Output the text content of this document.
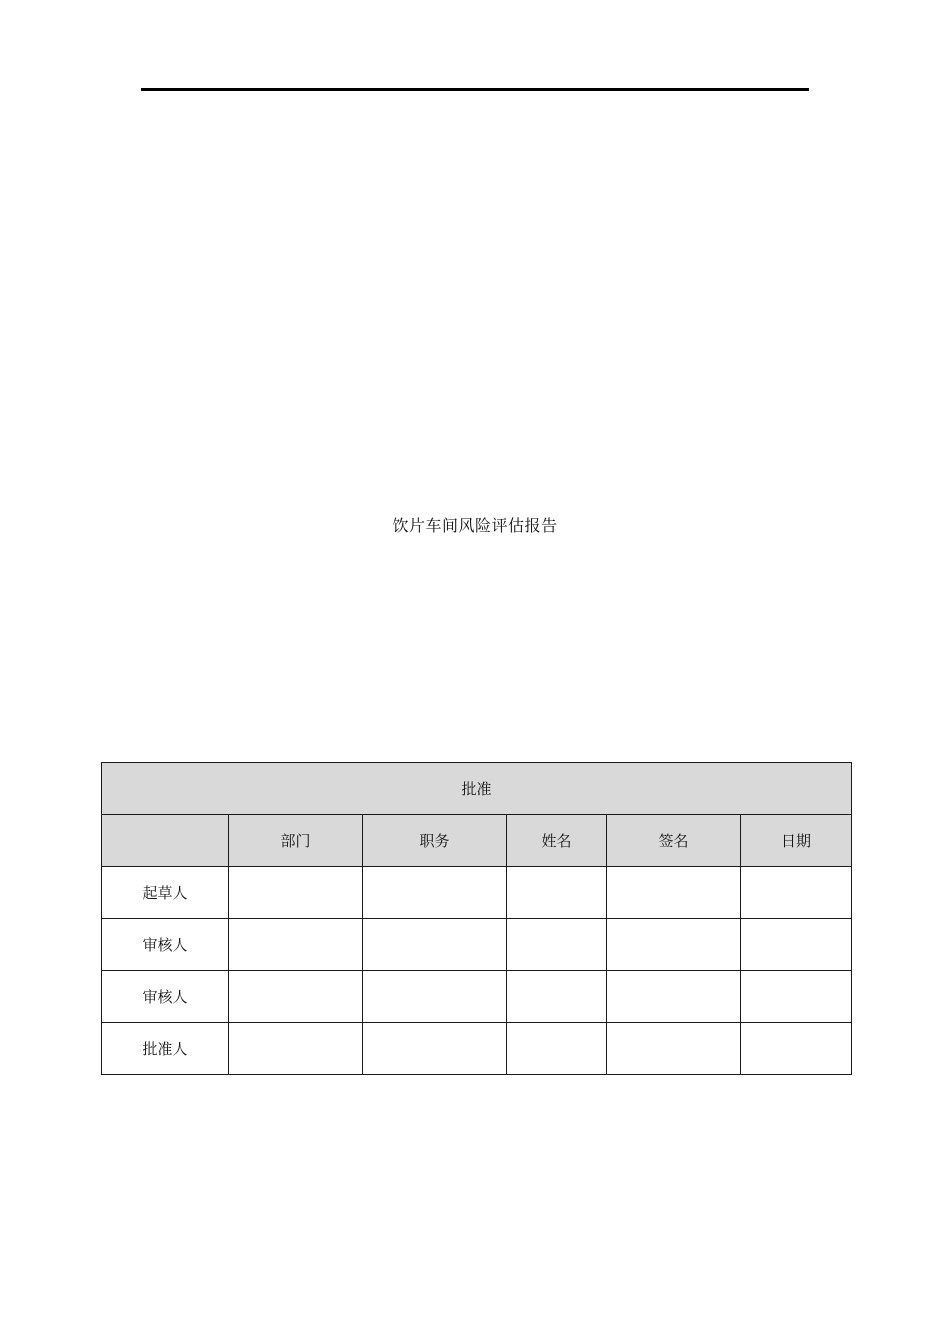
饮片车间风险评估报告
批准					
	部门	职务	姓名	签名	日期
起草人					
审核人					
审核人					
批准人					
